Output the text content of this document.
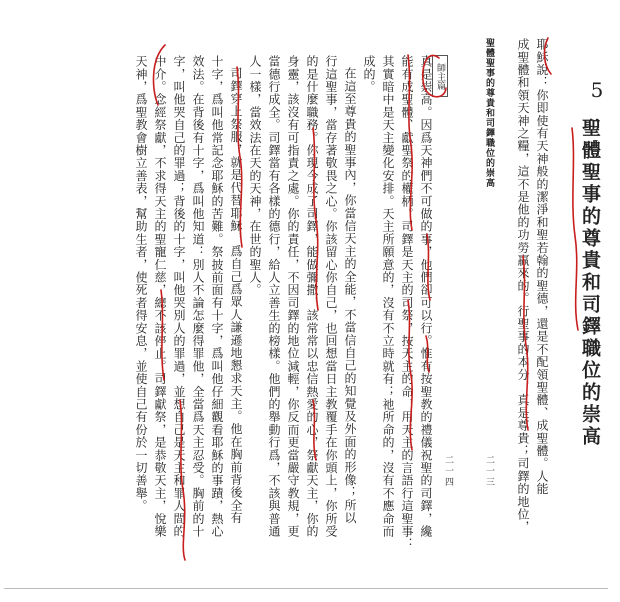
5.
聖體聖事的尊貴和司鐸職位的崇高
耶穌說：你即使有天神般的潔淨和聖若翰的聖德，還是不配領聖體、成聖體。人能
成聖體和領天神之糧，這不是他的功勞贏來的。行聖事的本分，真是尊貴；司鐸的地位，
聖體聖事的尊貴和司鐸職位的崇高
二一三
師主篇
二一四
真是崇高。因爲天神們不可做的事，他們卻可以行。惟有按聖教的禮儀祝聖的司鐸，纔
能有成聖體、獻聖祭的權柄。司鐸是天主的司祭，按天主的命，用天主的言語行這聖事：
其實暗中是天主變化安排。天主所願意的，沒有不立時就有；祂所命的，沒有不應命而
成的。
在這至尊貴的聖事內，你當信天主的全能，不當信自己的知覺及外面的形像；所以
行這聖事，當存著敬畏之心。你該留心你自己，也回想當日主教覆手在你頭上，你所受
的是什麼職務。你現今成了司鐸，能做彌撒，該常常以忠信熱愛的心，祭獻天主，你的
身靈，該沒有可指責之處。你的責任，不因司鐸的地位減輕，你反而更當嚴守教規，更
當德行成全。司鐸當有各樣的德行，給人立善生的榜樣。他們的舉動行爲，不該與普通
人一樣，當效法在天的天神，在世的聖人。
司鐸穿上祭服，就是代替耶穌，爲自己爲眾人謙遜地懇求天主。他在胸前背後全有
十字，爲叫他常記念耶穌的苦難。祭披前面有十字，爲叫他仔細觀看耶穌的事蹟，熱心
效法。在背後有十字，爲叫他知道：別人不論怎麼得罪他，全當爲天主忍受。胸前的十
字，叫他哭自己的罪過；背後的十字，叫他哭別人的罪過，並想自己是天主和罪人間的
中介。念經祭獻，不求得天主的聖寵仁慈，總不該停止。司鐸獻祭，是恭敬天主，悅樂
天神，爲聖教會樹立善表，幫助生者，使死者得安息，並使自己有份於一切善舉。
